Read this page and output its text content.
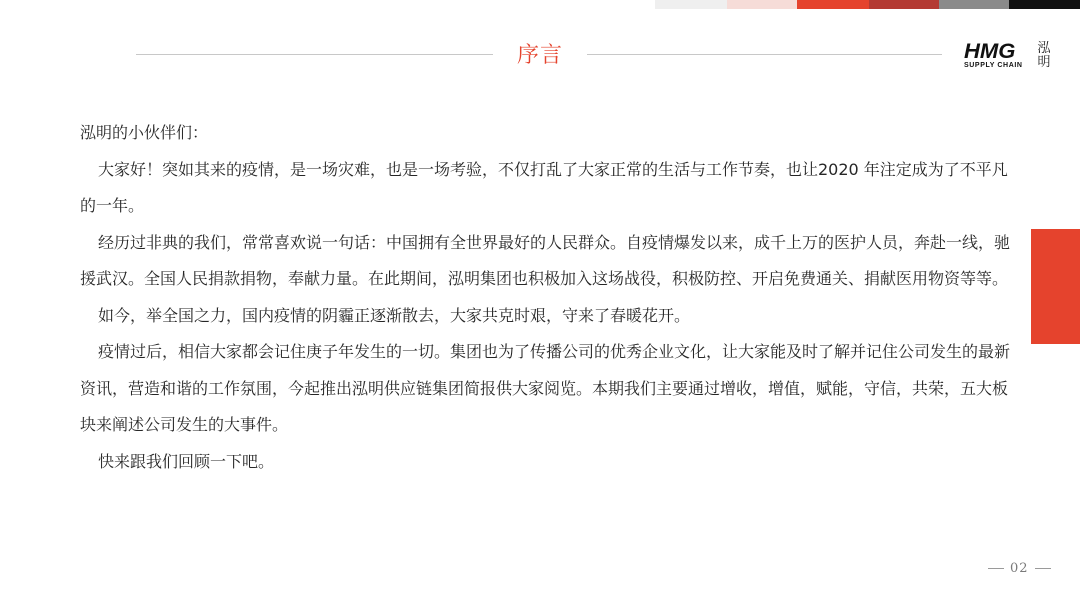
序言	HMG
SUPPLY CHAIN
泓
明

泓明的小伙伴们：

大家好！突如其来的疫情，是一场灾难，也是一场考验，不仅打乱了大家正常的生活与工作节奏，也让2020 年注定成为了不平凡的一年。

经历过非典的我们，常常喜欢说一句话：中国拥有全世界最好的人民群众。自疫情爆发以来，成千上万的医护人员，奔赴一线，驰援武汉。全国人民捐款捐物，奉献力量。在此期间，泓明集团也积极加入这场战役，积极防控、开启免费通关、捐献医用物资等等。

如今，举全国之力，国内疫情的阴霾正逐渐散去，大家共克时艰，守来了春暖花开。

疫情过后，相信大家都会记住庚子年发生的一切。集团也为了传播公司的优秀企业文化，让大家能及时了解并记住公司发生的最新资讯，营造和谐的工作氛围，今起推出泓明供应链集团简报供大家阅览。本期我们主要通过增收，增值，赋能，守信，共荣，五大板块来阐述公司发生的大事件。

快来跟我们回顾一下吧。

02
